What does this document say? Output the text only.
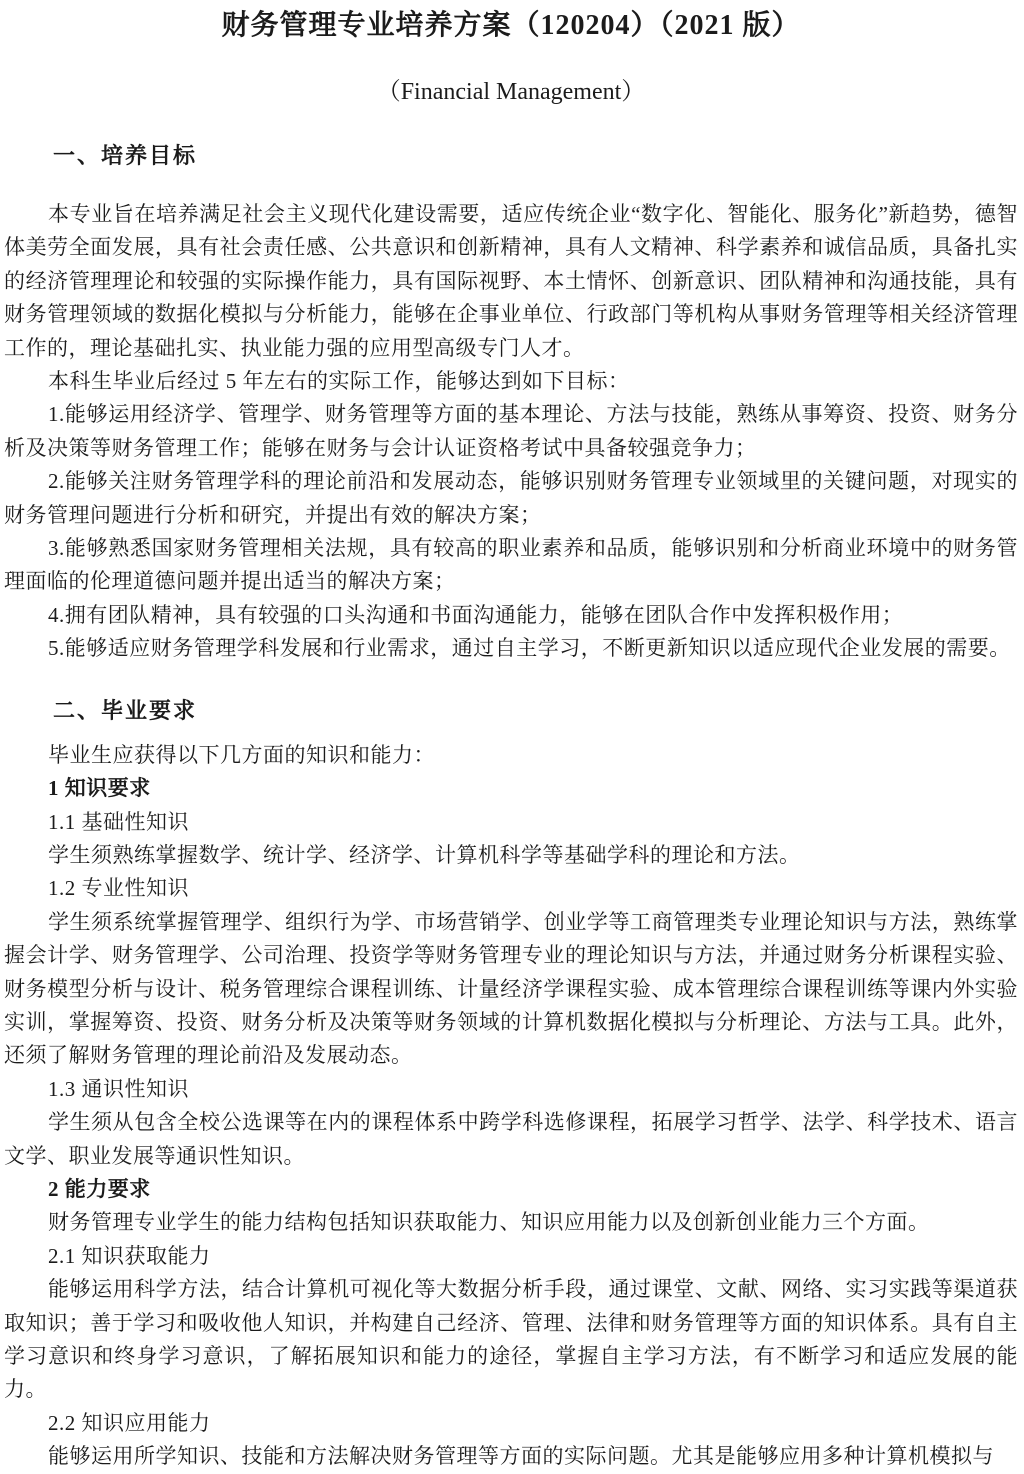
财务管理专业培养方案（120204）（2021 版）
（Financial Management）
一、培养目标

本专业旨在培养满足社会主义现代化建设需要，适应传统企业“数字化、智能化、服务化”新趋势，德智体美劳全面发展，具有社会责任感、公共意识和创新精神，具有人文精神、科学素养和诚信品质，具备扎实的经济管理理论和较强的实际操作能力，具有国际视野、本土情怀、创新意识、团队精神和沟通技能，具有财务管理领域的数据化模拟与分析能力，能够在企事业单位、行政部门等机构从事财务管理等相关经济管理工作的，理论基础扎实、执业能力强的应用型高级专门人才。

本科生毕业后经过 5 年左右的实际工作，能够达到如下目标：

1.能够运用经济学、管理学、财务管理等方面的基本理论、方法与技能，熟练从事筹资、投资、财务分析及决策等财务管理工作；能够在财务与会计认证资格考试中具备较强竞争力；

2.能够关注财务管理学科的理论前沿和发展动态，能够识别财务管理专业领域里的关键问题，对现实的财务管理问题进行分析和研究，并提出有效的解决方案；

3.能够熟悉国家财务管理相关法规，具有较高的职业素养和品质，能够识别和分析商业环境中的财务管理面临的伦理道德问题并提出适当的解决方案；

4.拥有团队精神，具有较强的口头沟通和书面沟通能力，能够在团队合作中发挥积极作用；

5.能够适应财务管理学科发展和行业需求，通过自主学习，不断更新知识以适应现代企业发展的需要。

二、毕业要求

毕业生应获得以下几方面的知识和能力：

1 知识要求

1.1 基础性知识

学生须熟练掌握数学、统计学、经济学、计算机科学等基础学科的理论和方法。

1.2 专业性知识

学生须系统掌握管理学、组织行为学、市场营销学、创业学等工商管理类专业理论知识与方法，熟练掌握会计学、财务管理学、公司治理、投资学等财务管理专业的理论知识与方法，并通过财务分析课程实验、财务模型分析与设计、税务管理综合课程训练、计量经济学课程实验、成本管理综合课程训练等课内外实验实训，掌握筹资、投资、财务分析及决策等财务领域的计算机数据化模拟与分析理论、方法与工具。此外，还须了解财务管理的理论前沿及发展动态。

1.3 通识性知识

学生须从包含全校公选课等在内的课程体系中跨学科选修课程，拓展学习哲学、法学、科学技术、语言文学、职业发展等通识性知识。

2 能力要求

财务管理专业学生的能力结构包括知识获取能力、知识应用能力以及创新创业能力三个方面。

2.1 知识获取能力

能够运用科学方法，结合计算机可视化等大数据分析手段，通过课堂、文献、网络、实习实践等渠道获取知识；善于学习和吸收他人知识，并构建自己经济、管理、法律和财务管理等方面的知识体系。具有自主学习意识和终身学习意识，了解拓展知识和能力的途径，掌握自主学习方法，有不断学习和适应发展的能力。

2.2 知识应用能力

能够运用所学知识、技能和方法解决财务管理等方面的实际问题。尤其是能够应用多种计算机模拟与
